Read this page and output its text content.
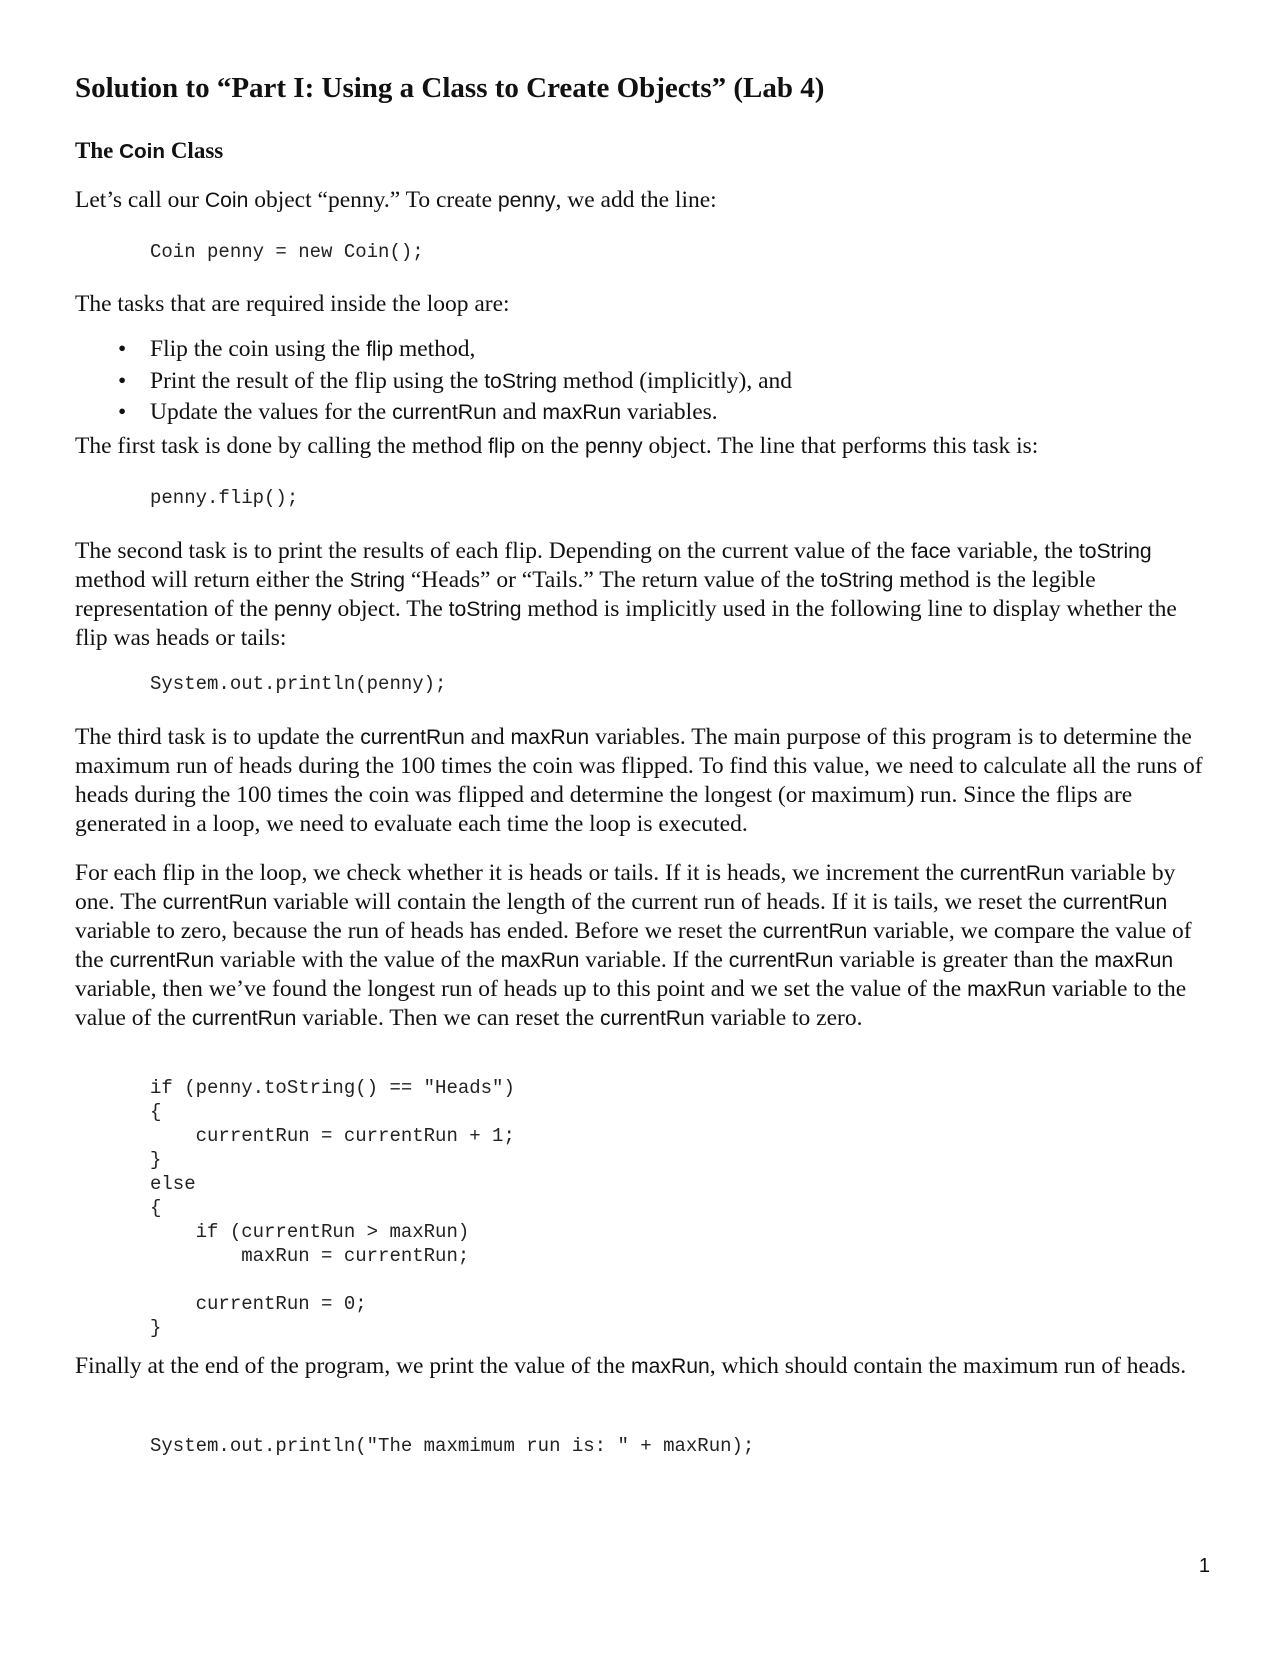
Solution to “Part I: Using a Class to Create Objects” (Lab 4)
The Coin Class

Let’s call our Coin object “penny.” To create penny, we add the line:

Coin penny = new Coin();

The tasks that are required inside the loop are:

• Flip the coin using the flip method,
• Print the result of the flip using the toString method (implicitly), and
• Update the values for the currentRun and maxRun variables.

The first task is done by calling the method flip on the penny object. The line that performs this task is:

penny.flip();

The second task is to print the results of each flip. Depending on the current value of the face variable, the toString method will return either the String “Heads” or “Tails.” The return value of the toString method is the legible representation of the penny object. The toString method is implicitly used in the following line to display whether the flip was heads or tails:

System.out.println(penny);

The third task is to update the currentRun and maxRun variables. The main purpose of this program is to determine the maximum run of heads during the 100 times the coin was flipped. To find this value, we need to calculate all the runs of heads during the 100 times the coin was flipped and determine the longest (or maximum) run. Since the flips are generated in a loop, we need to evaluate each time the loop is executed.

For each flip in the loop, we check whether it is heads or tails. If it is heads, we increment the currentRun variable by one. The currentRun variable will contain the length of the current run of heads. If it is tails, we reset the currentRun variable to zero, because the run of heads has ended. Before we reset the currentRun variable, we compare the value of the currentRun variable with the value of the maxRun variable. If the currentRun variable is greater than the maxRun variable, then we’ve found the longest run of heads up to this point and we set the value of the maxRun variable to the value of the currentRun variable. Then we can reset the currentRun variable to zero.

if (penny.toString() == "Heads")
{
currentRun = currentRun + 1;
}
else
{
if (currentRun > maxRun)
maxRun = currentRun;

currentRun = 0;
}

Finally at the end of the program, we print the value of the maxRun, which should contain the maximum run of heads.

System.out.println("The maxmimum run is: " + maxRun);
1
